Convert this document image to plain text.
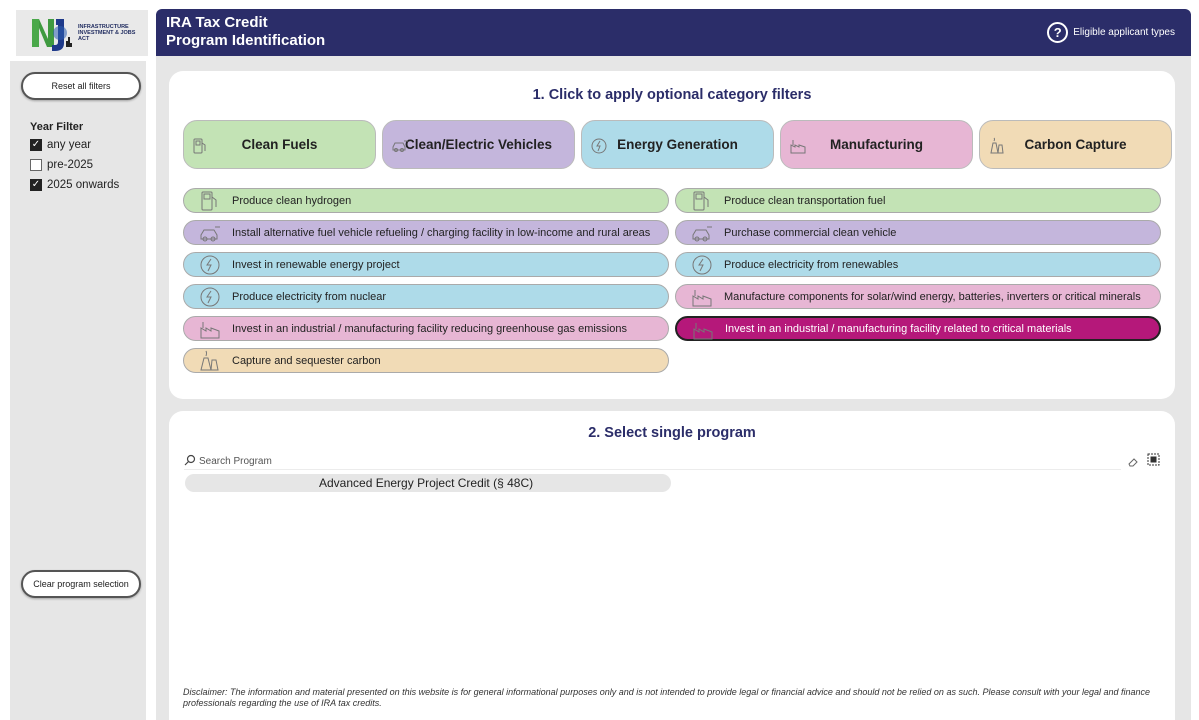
INFRASTRUCTURE INVESTMENT & JOBS ACT
IRA Tax Credit
Program Identification	?	Eligible applicant types
Reset all filters
Year Filter
✓ any year
pre-2025
✓ 2025 onwards
Clear program selection
1. Click to apply optional category filters
Clean Fuels	Clean/Electric Vehicles	Energy Generation	Manufacturing	Carbon Capture
Produce clean hydrogen	Produce clean transportation fuel
Install alternative fuel vehicle refueling / charging facility in low-income and rural areas	Purchase commercial clean vehicle
Invest in renewable energy project	Produce electricity from renewables
Produce electricity from nuclear	Manufacture components for solar/wind energy, batteries, inverters or critical minerals
Invest in an industrial / manufacturing facility reducing greenhouse gas emissions	Invest in an industrial / manufacturing facility related to critical materials
Capture and sequester carbon
2. Select single program
Search Program
Advanced Energy Project Credit (§ 48C)
Disclaimer: The information and material presented on this website is for general informational purposes only and is not intended to provide legal or financial advice and should not be relied on as such. Please consult with your legal and finance professionals regarding the use of IRA tax credits.
